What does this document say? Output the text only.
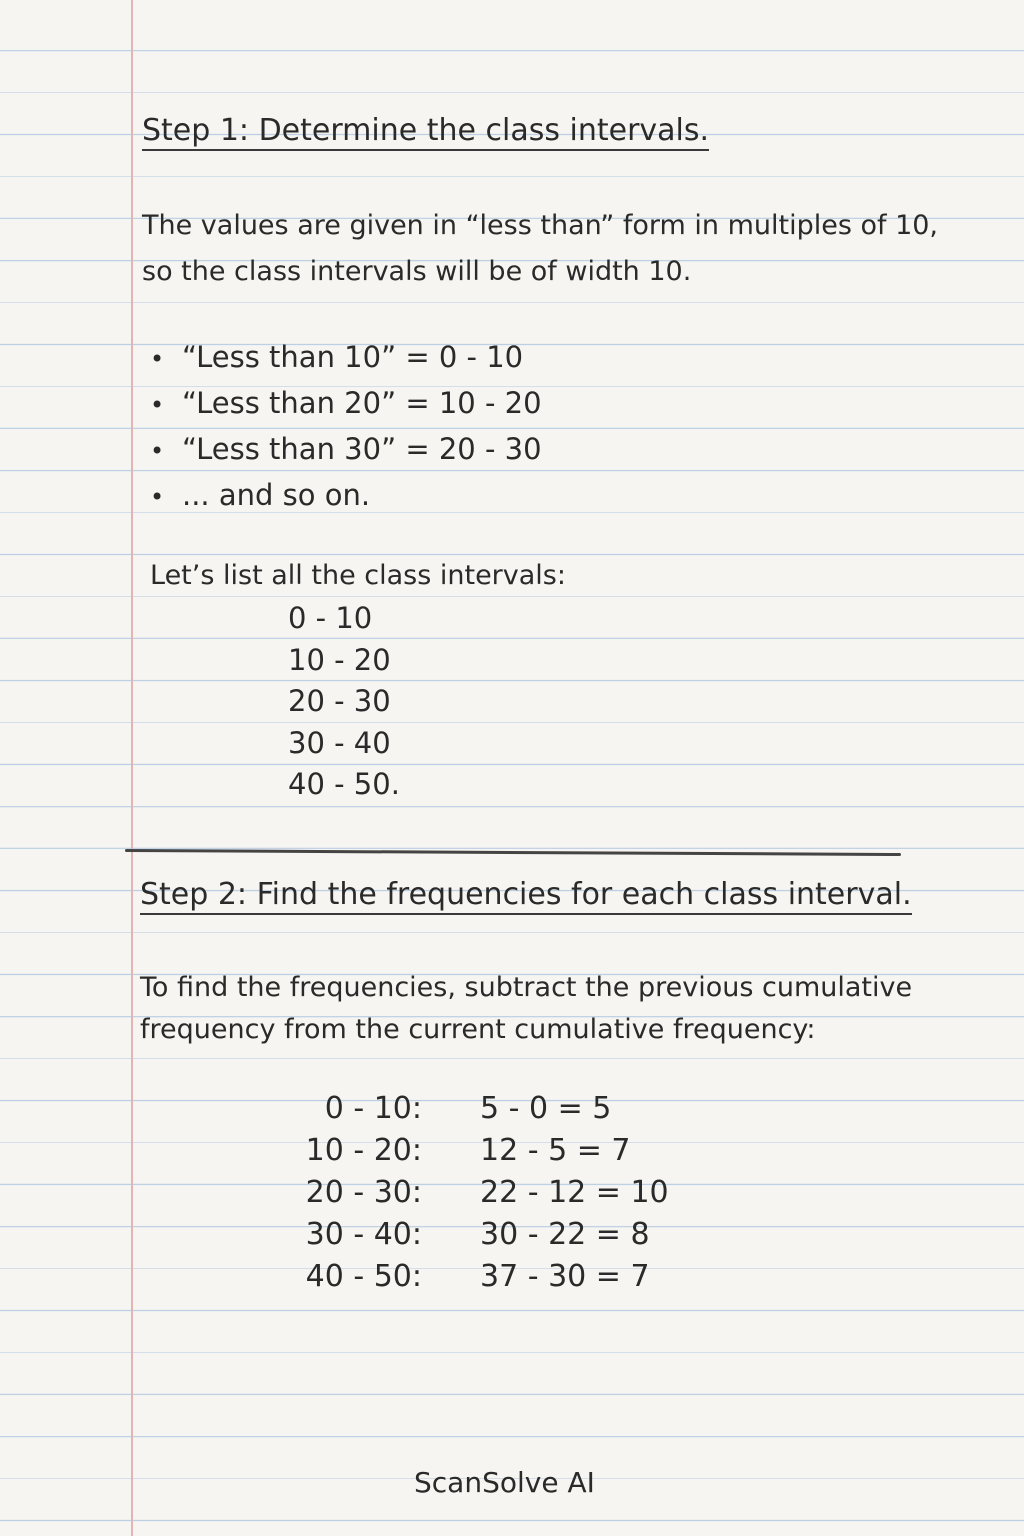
Step 1: Determine the class intervals.
The values are given in “less than” form in multiples of 10,
so the class intervals will be of width 10.
• “Less than 10” = 0 - 10
• “Less than 20” = 10 - 20
• “Less than 30” = 20 - 30
• ... and so on.
Let’s list all the class intervals:
0 - 10
10 - 20
20 - 30
30 - 40
40 - 50.
Step 2: Find the frequencies for each class interval.
To find the frequencies, subtract the previous cumulative
frequency from the current cumulative frequency:
0 - 10:	5 - 0 = 5
10 - 20:	12 - 5 = 7
20 - 30:	22 - 12 = 10
30 - 40:	30 - 22 = 8
40 - 50:	37 - 30 = 7
ScanSolve AI
